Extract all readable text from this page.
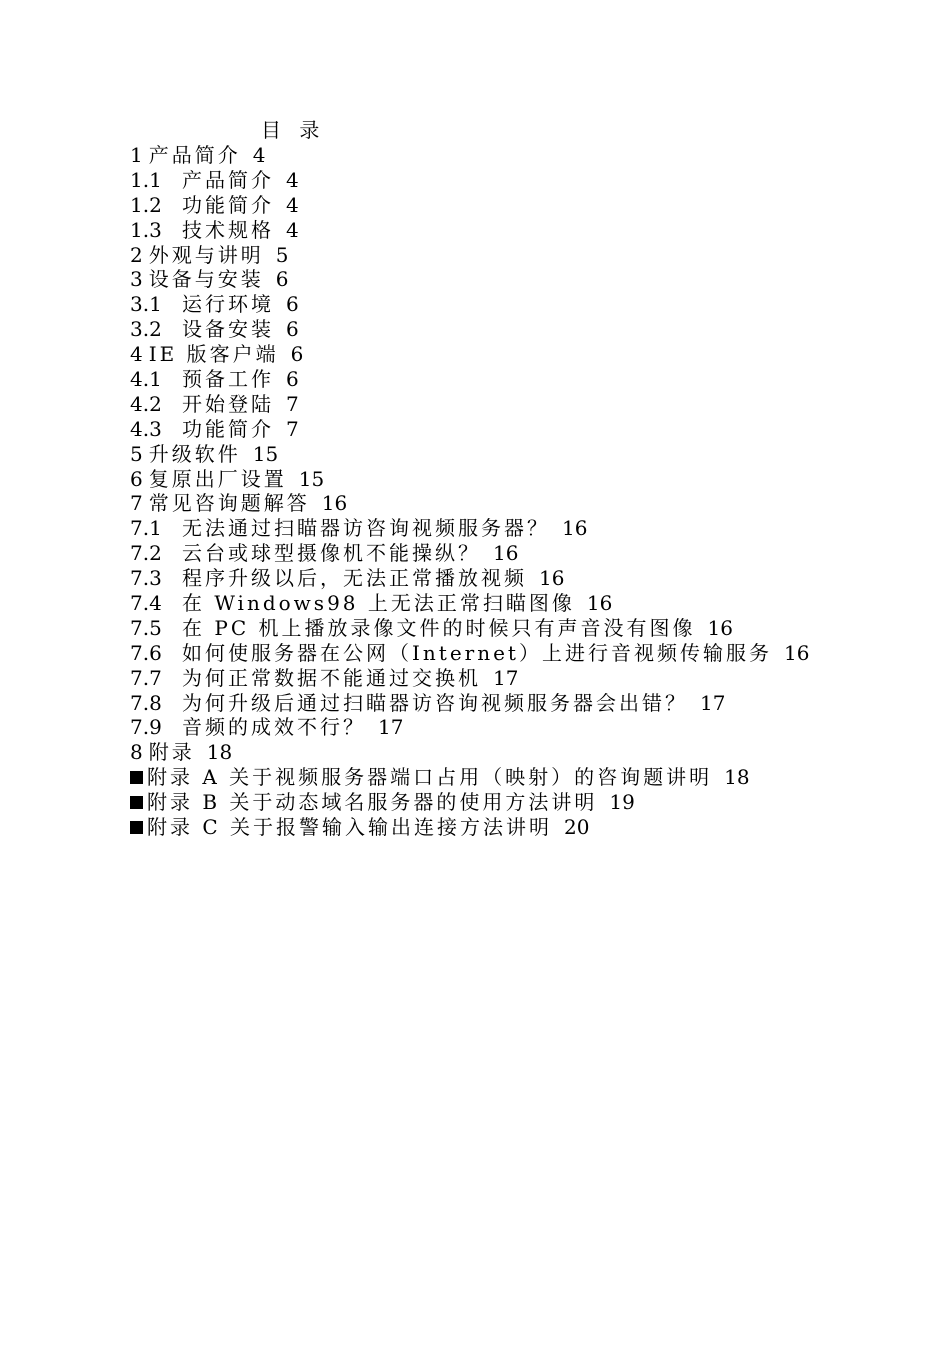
目 录
1 产品简介 4
1.1 产品简介 4
1.2 功能简介 4
1.3 技术规格 4
2 外观与讲明 5
3 设备与安装 6
3.1 运行环境 6
3.2 设备安装 6
4 IE 版客户端 6
4.1 预备工作 6
4.2 开始登陆 7
4.3 功能简介 7
5 升级软件 15
6 复原出厂设置 15
7 常见咨询题解答 16
7.1 无法通过扫瞄器访咨询视频服务器？ 16
7.2 云台或球型摄像机不能操纵？ 16
7.3 程序升级以后，无法正常播放视频 16
7.4 在 Windows98 上无法正常扫瞄图像 16
7.5 在 PC 机上播放录像文件的时候只有声音没有图像 16
7.6 如何使服务器在公网（Internet）上进行音视频传输服务 16
7.7 为何正常数据不能通过交换机 17
7.8 为何升级后通过扫瞄器访咨询视频服务器会出错？ 17
7.9 音频的成效不行？ 17
8 附录 18
附录 A 关于视频服务器端口占用（映射）的咨询题讲明 18
附录 B 关于动态域名服务器的使用方法讲明 19
附录 C 关于报警输入输出连接方法讲明 20
